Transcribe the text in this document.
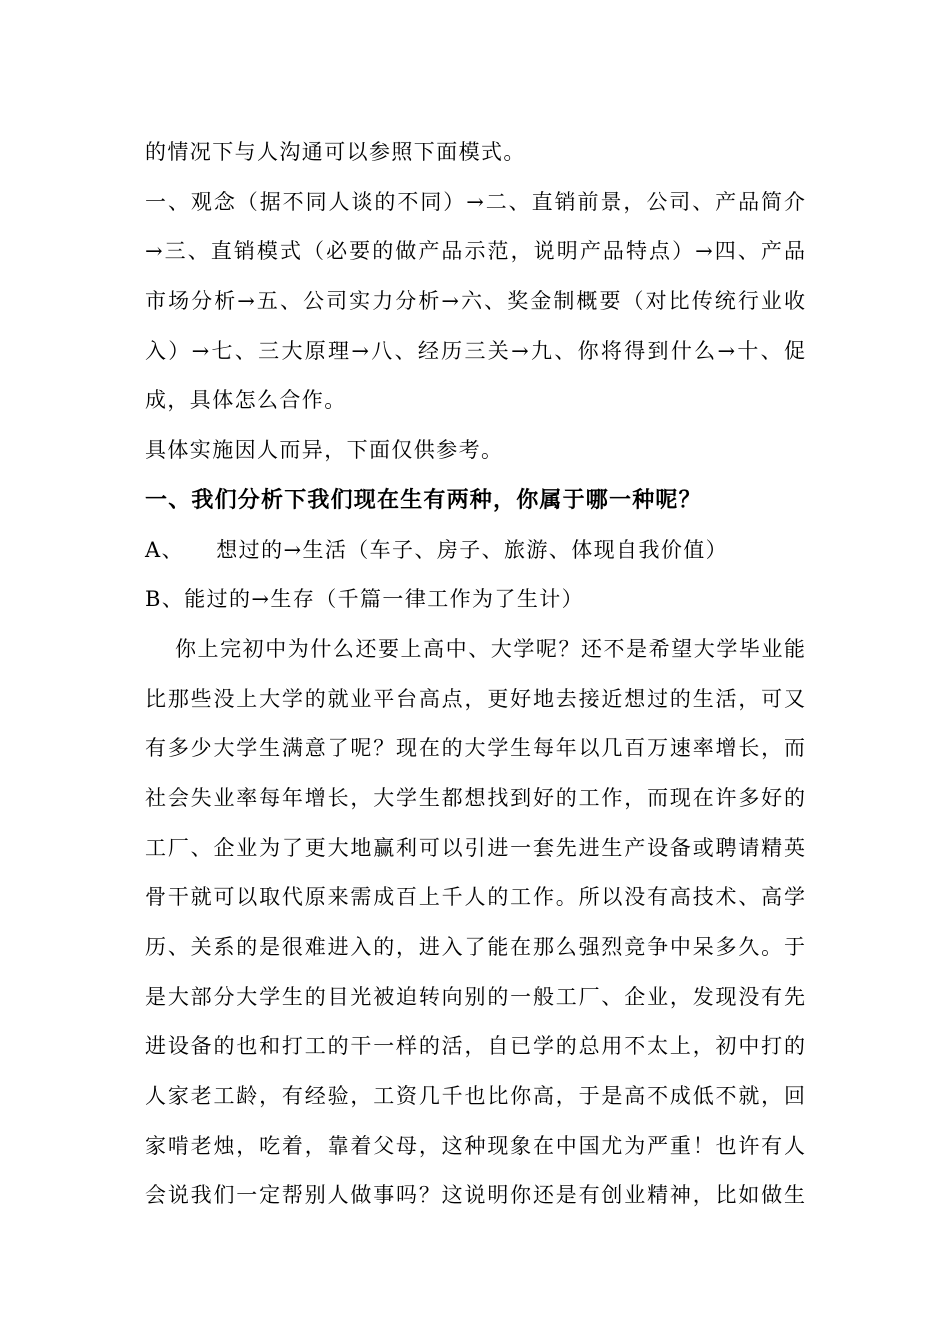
的情况下与人沟通可以参照下面模式。
一、观念（据不同人谈的不同）→二、直销前景，公司、产品简介
→三、直销模式（必要的做产品示范，说明产品特点）→四、产品
市场分析→五、公司实力分析→六、奖金制概要（对比传统行业收
入）→七、三大原理→八、经历三关→九、你将得到什么→十、促
成，具体怎么合作。
具体实施因人而异，下面仅供参考。
一、我们分析下我们现在生有两种，你属于哪一种呢？
A、    想过的→生活（车子、房子、旅游、体现自我价值）
B、能过的→生存（千篇一律工作为了生计）
你上完初中为什么还要上高中、大学呢？还不是希望大学毕业能
比那些没上大学的就业平台高点，更好地去接近想过的生活，可又
有多少大学生满意了呢？现在的大学生每年以几百万速率增长，而
社会失业率每年增长，大学生都想找到好的工作，而现在许多好的
工厂、企业为了更大地赢利可以引进一套先进生产设备或聘请精英
骨干就可以取代原来需成百上千人的工作。所以没有高技术、高学
历、关系的是很难进入的，进入了能在那么强烈竞争中呆多久。于
是大部分大学生的目光被迫转向别的一般工厂、企业，发现没有先
进设备的也和打工的干一样的活，自已学的总用不太上，初中打的
人家老工龄，有经验，工资几千也比你高，于是高不成低不就，回
家啃老烛，吃着，靠着父母，这种现象在中国尤为严重！也许有人
会说我们一定帮别人做事吗？这说明你还是有创业精神，比如做生
